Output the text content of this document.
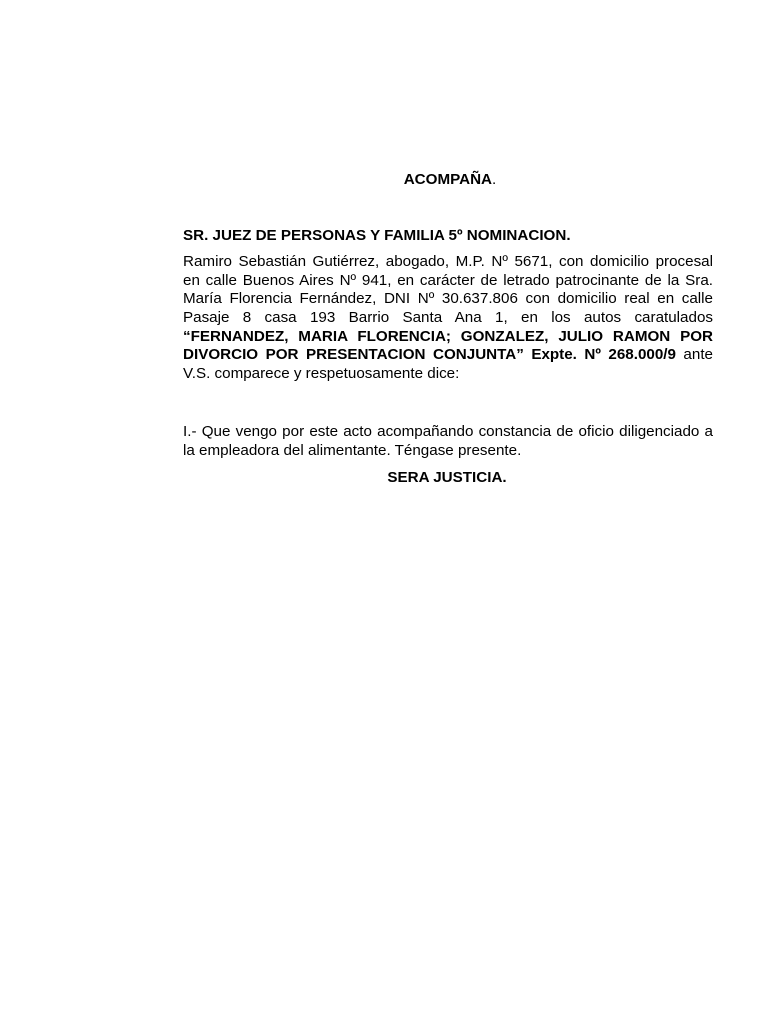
ACOMPAÑA.

SR. JUEZ DE PERSONAS Y FAMILIA 5º NOMINACION.

Ramiro Sebastián Gutiérrez, abogado, M.P. Nº 5671, con domicilio procesal en calle Buenos Aires Nº 941, en carácter de letrado patrocinante de la Sra. María Florencia Fernández, DNI Nº 30.637.806 con domicilio real en calle Pasaje 8 casa 193 Barrio Santa Ana 1, en los autos caratulados “FERNANDEZ, MARIA FLORENCIA; GONZALEZ, JULIO RAMON POR DIVORCIO POR PRESENTACION CONJUNTA” Expte. Nº 268.000/9 ante V.S. comparece y respetuosamente dice:

I.- Que vengo por este acto acompañando constancia de oficio diligenciado a la empleadora del alimentante. Téngase presente.

SERA JUSTICIA.
